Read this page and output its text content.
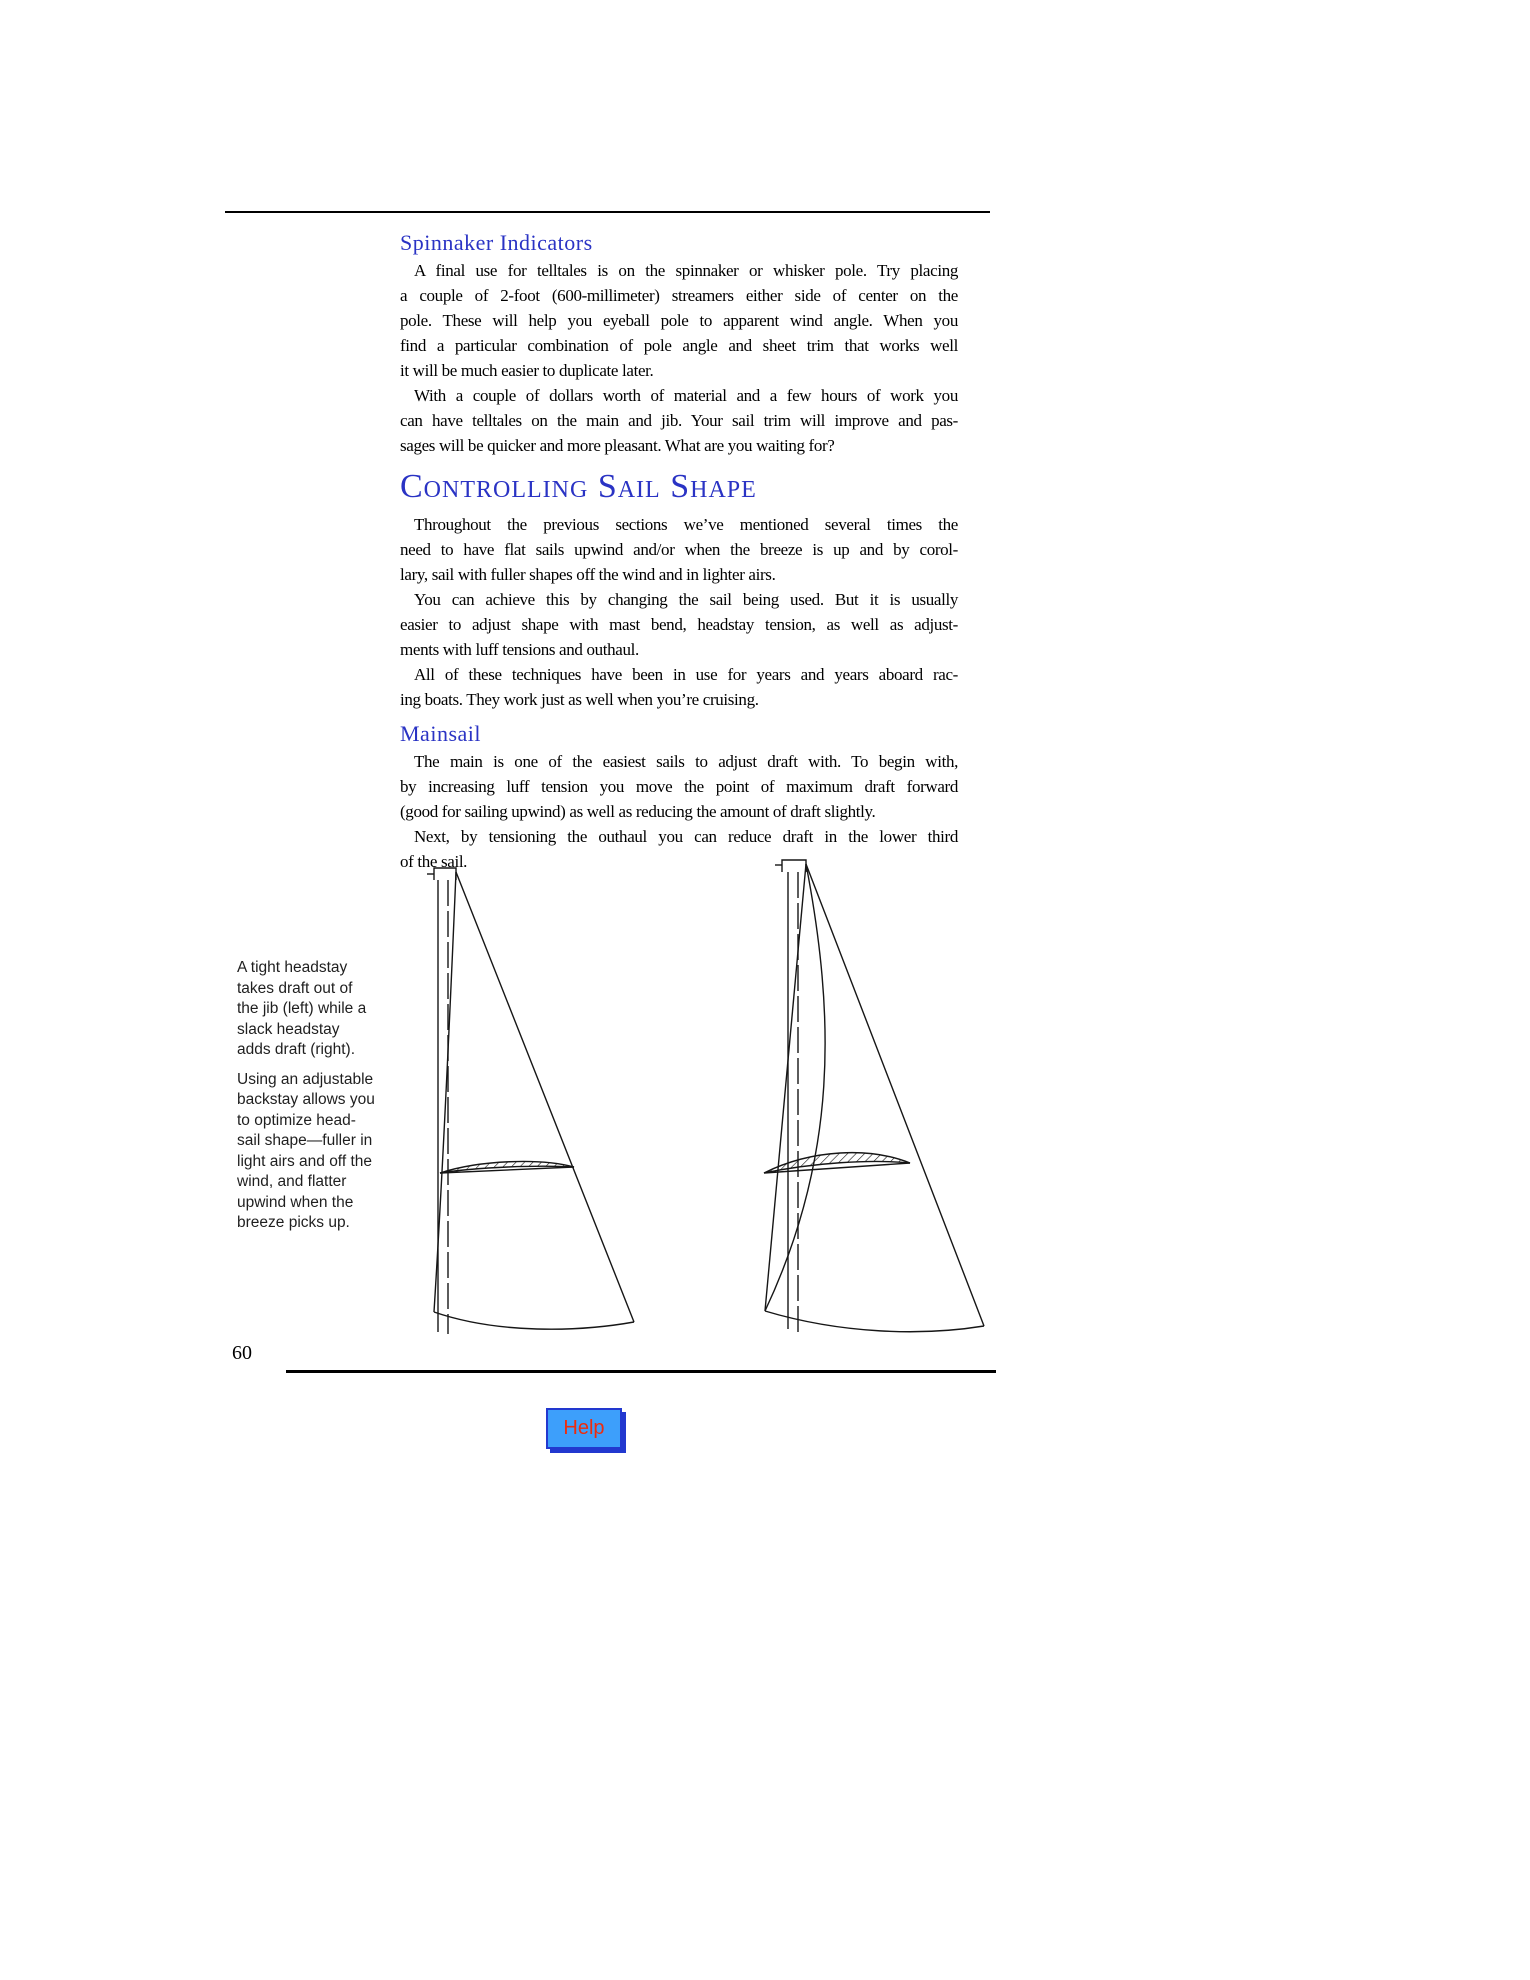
Spinnaker Indicators
A final use for telltales is on the spinnaker or whisker pole. Try placing
a couple of 2-foot (600-millimeter) streamers either side of center on the
pole. These will help you eyeball pole to apparent wind angle. When you
find a particular combination of pole angle and sheet trim that works well
it will be much easier to duplicate later.
With a couple of dollars worth of material and a few hours of work you
can have telltales on the main and jib. Your sail trim will improve and pas-
sages will be quicker and more pleasant. What are you waiting for?
Controlling Sail Shape
Throughout the previous sections we’ve mentioned several times the
need to have flat sails upwind and/or when the breeze is up and by corol-
lary, sail with fuller shapes off the wind and in lighter airs.
You can achieve this by changing the sail being used. But it is usually
easier to adjust shape with mast bend, headstay tension, as well as adjust-
ments with luff tensions and outhaul.
All of these techniques have been in use for years and years aboard rac-
ing boats. They work just as well when you’re cruising.
Mainsail
The main is one of the easiest sails to adjust draft with. To begin with,
by increasing luff tension you move the point of maximum draft forward
(good for sailing upwind) as well as reducing the amount of draft slightly.
Next, by tensioning the outhaul you can reduce draft in the lower third
of the sail.
A tight headstay
takes draft out of
the jib (left) while a
slack headstay
adds draft (right).
Using an adjustable
backstay allows you
to optimize head-
sail shape—fuller in
light airs and off the
wind, and flatter
upwind when the
breeze picks up.
60
Help
